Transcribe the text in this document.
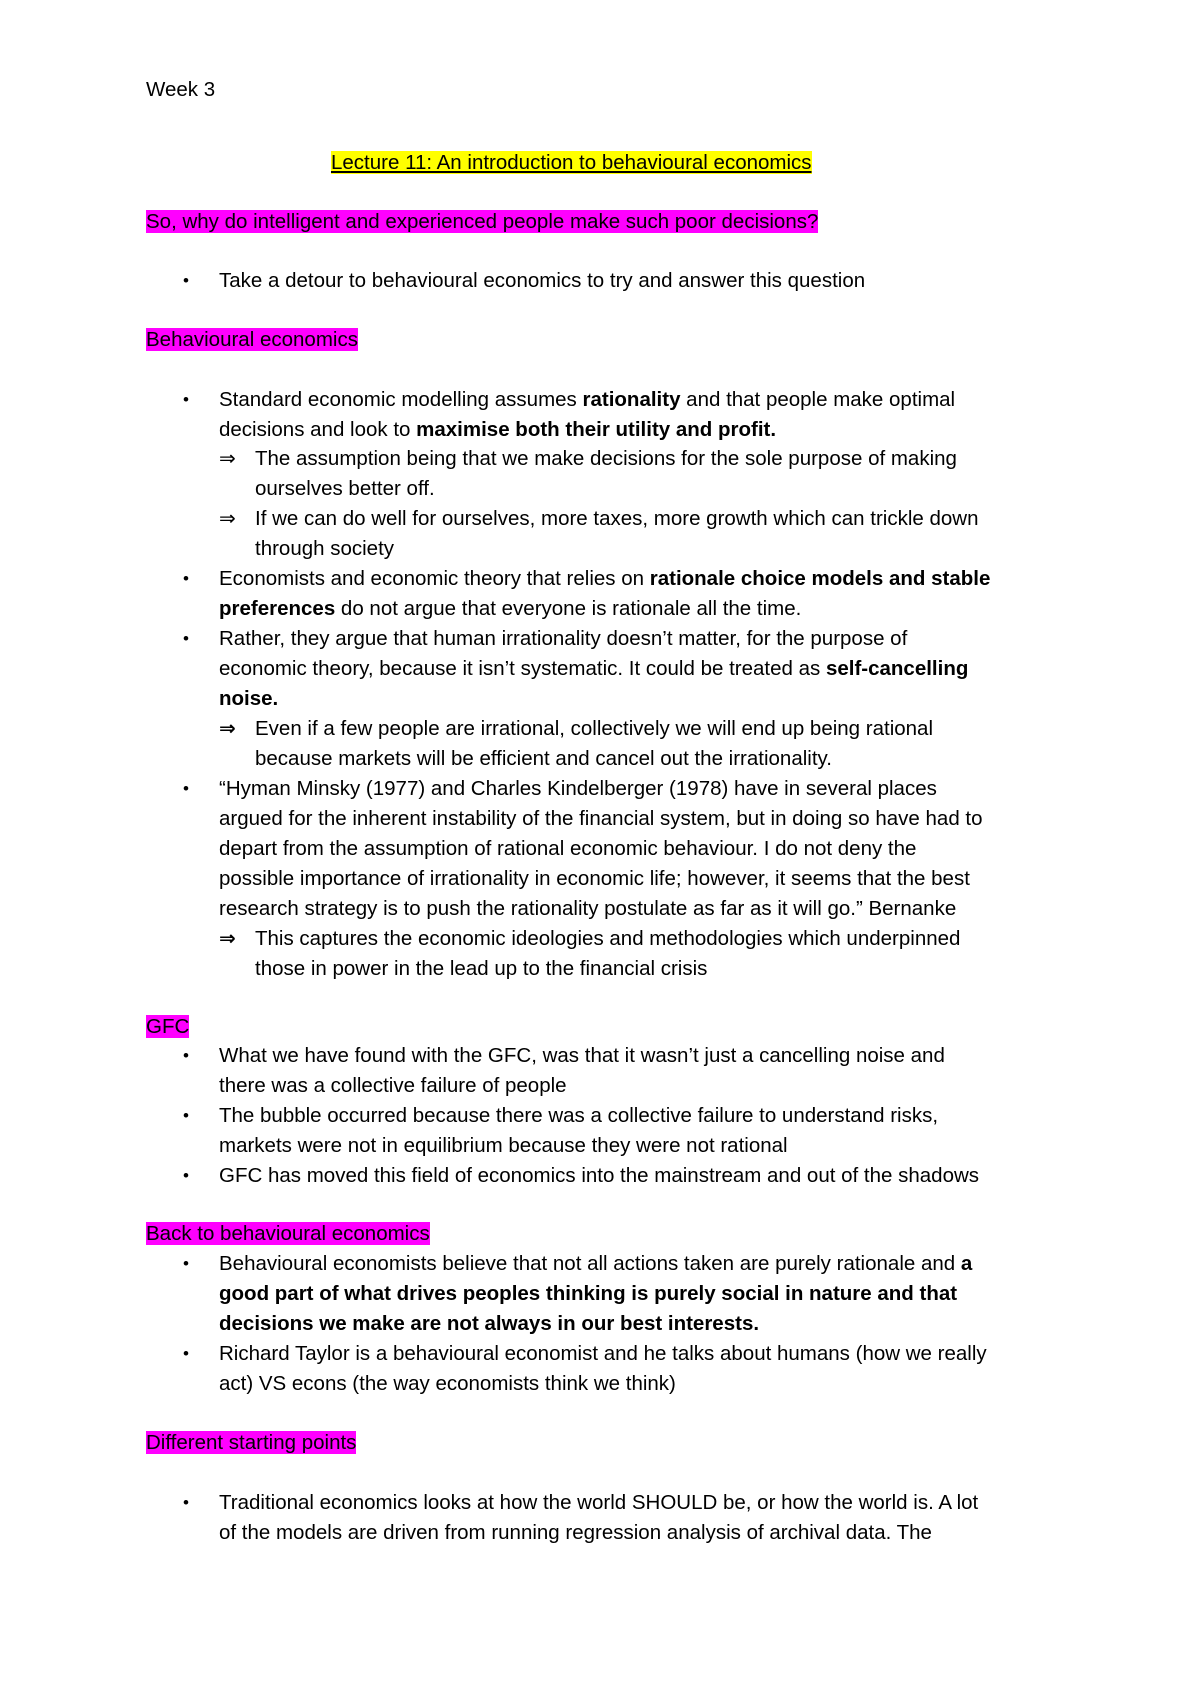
Week 3
Lecture 11: An introduction to behavioural economics
So, why do intelligent and experienced people make such poor decisions?
• Take a detour to behavioural economics to try and answer this question
Behavioural economics
• Standard economic modelling assumes rationality and that people make optimal
decisions and look to maximise both their utility and profit.
⇒ The assumption being that we make decisions for the sole purpose of making
ourselves better off.
⇒ If we can do well for ourselves, more taxes, more growth which can trickle down
through society
• Economists and economic theory that relies on rationale choice models and stable
preferences do not argue that everyone is rationale all the time.
• Rather, they argue that human irrationality doesn’t matter, for the purpose of
economic theory, because it isn’t systematic. It could be treated as self-cancelling
noise.
⇒ Even if a few people are irrational, collectively we will end up being rational
because markets will be efficient and cancel out the irrationality.
• “Hyman Minsky (1977) and Charles Kindelberger (1978) have in several places
argued for the inherent instability of the financial system, but in doing so have had to
depart from the assumption of rational economic behaviour. I do not deny the
possible importance of irrationality in economic life; however, it seems that the best
research strategy is to push the rationality postulate as far as it will go.” Bernanke
⇒ This captures the economic ideologies and methodologies which underpinned
those in power in the lead up to the financial crisis
GFC
• What we have found with the GFC, was that it wasn’t just a cancelling noise and
there was a collective failure of people
• The bubble occurred because there was a collective failure to understand risks,
markets were not in equilibrium because they were not rational
• GFC has moved this field of economics into the mainstream and out of the shadows
Back to behavioural economics
• Behavioural economists believe that not all actions taken are purely rationale and a
good part of what drives peoples thinking is purely social in nature and that
decisions we make are not always in our best interests.
• Richard Taylor is a behavioural economist and he talks about humans (how we really
act) VS econs (the way economists think we think)
Different starting points
• Traditional economics looks at how the world SHOULD be, or how the world is. A lot
of the models are driven from running regression analysis of archival data. The
